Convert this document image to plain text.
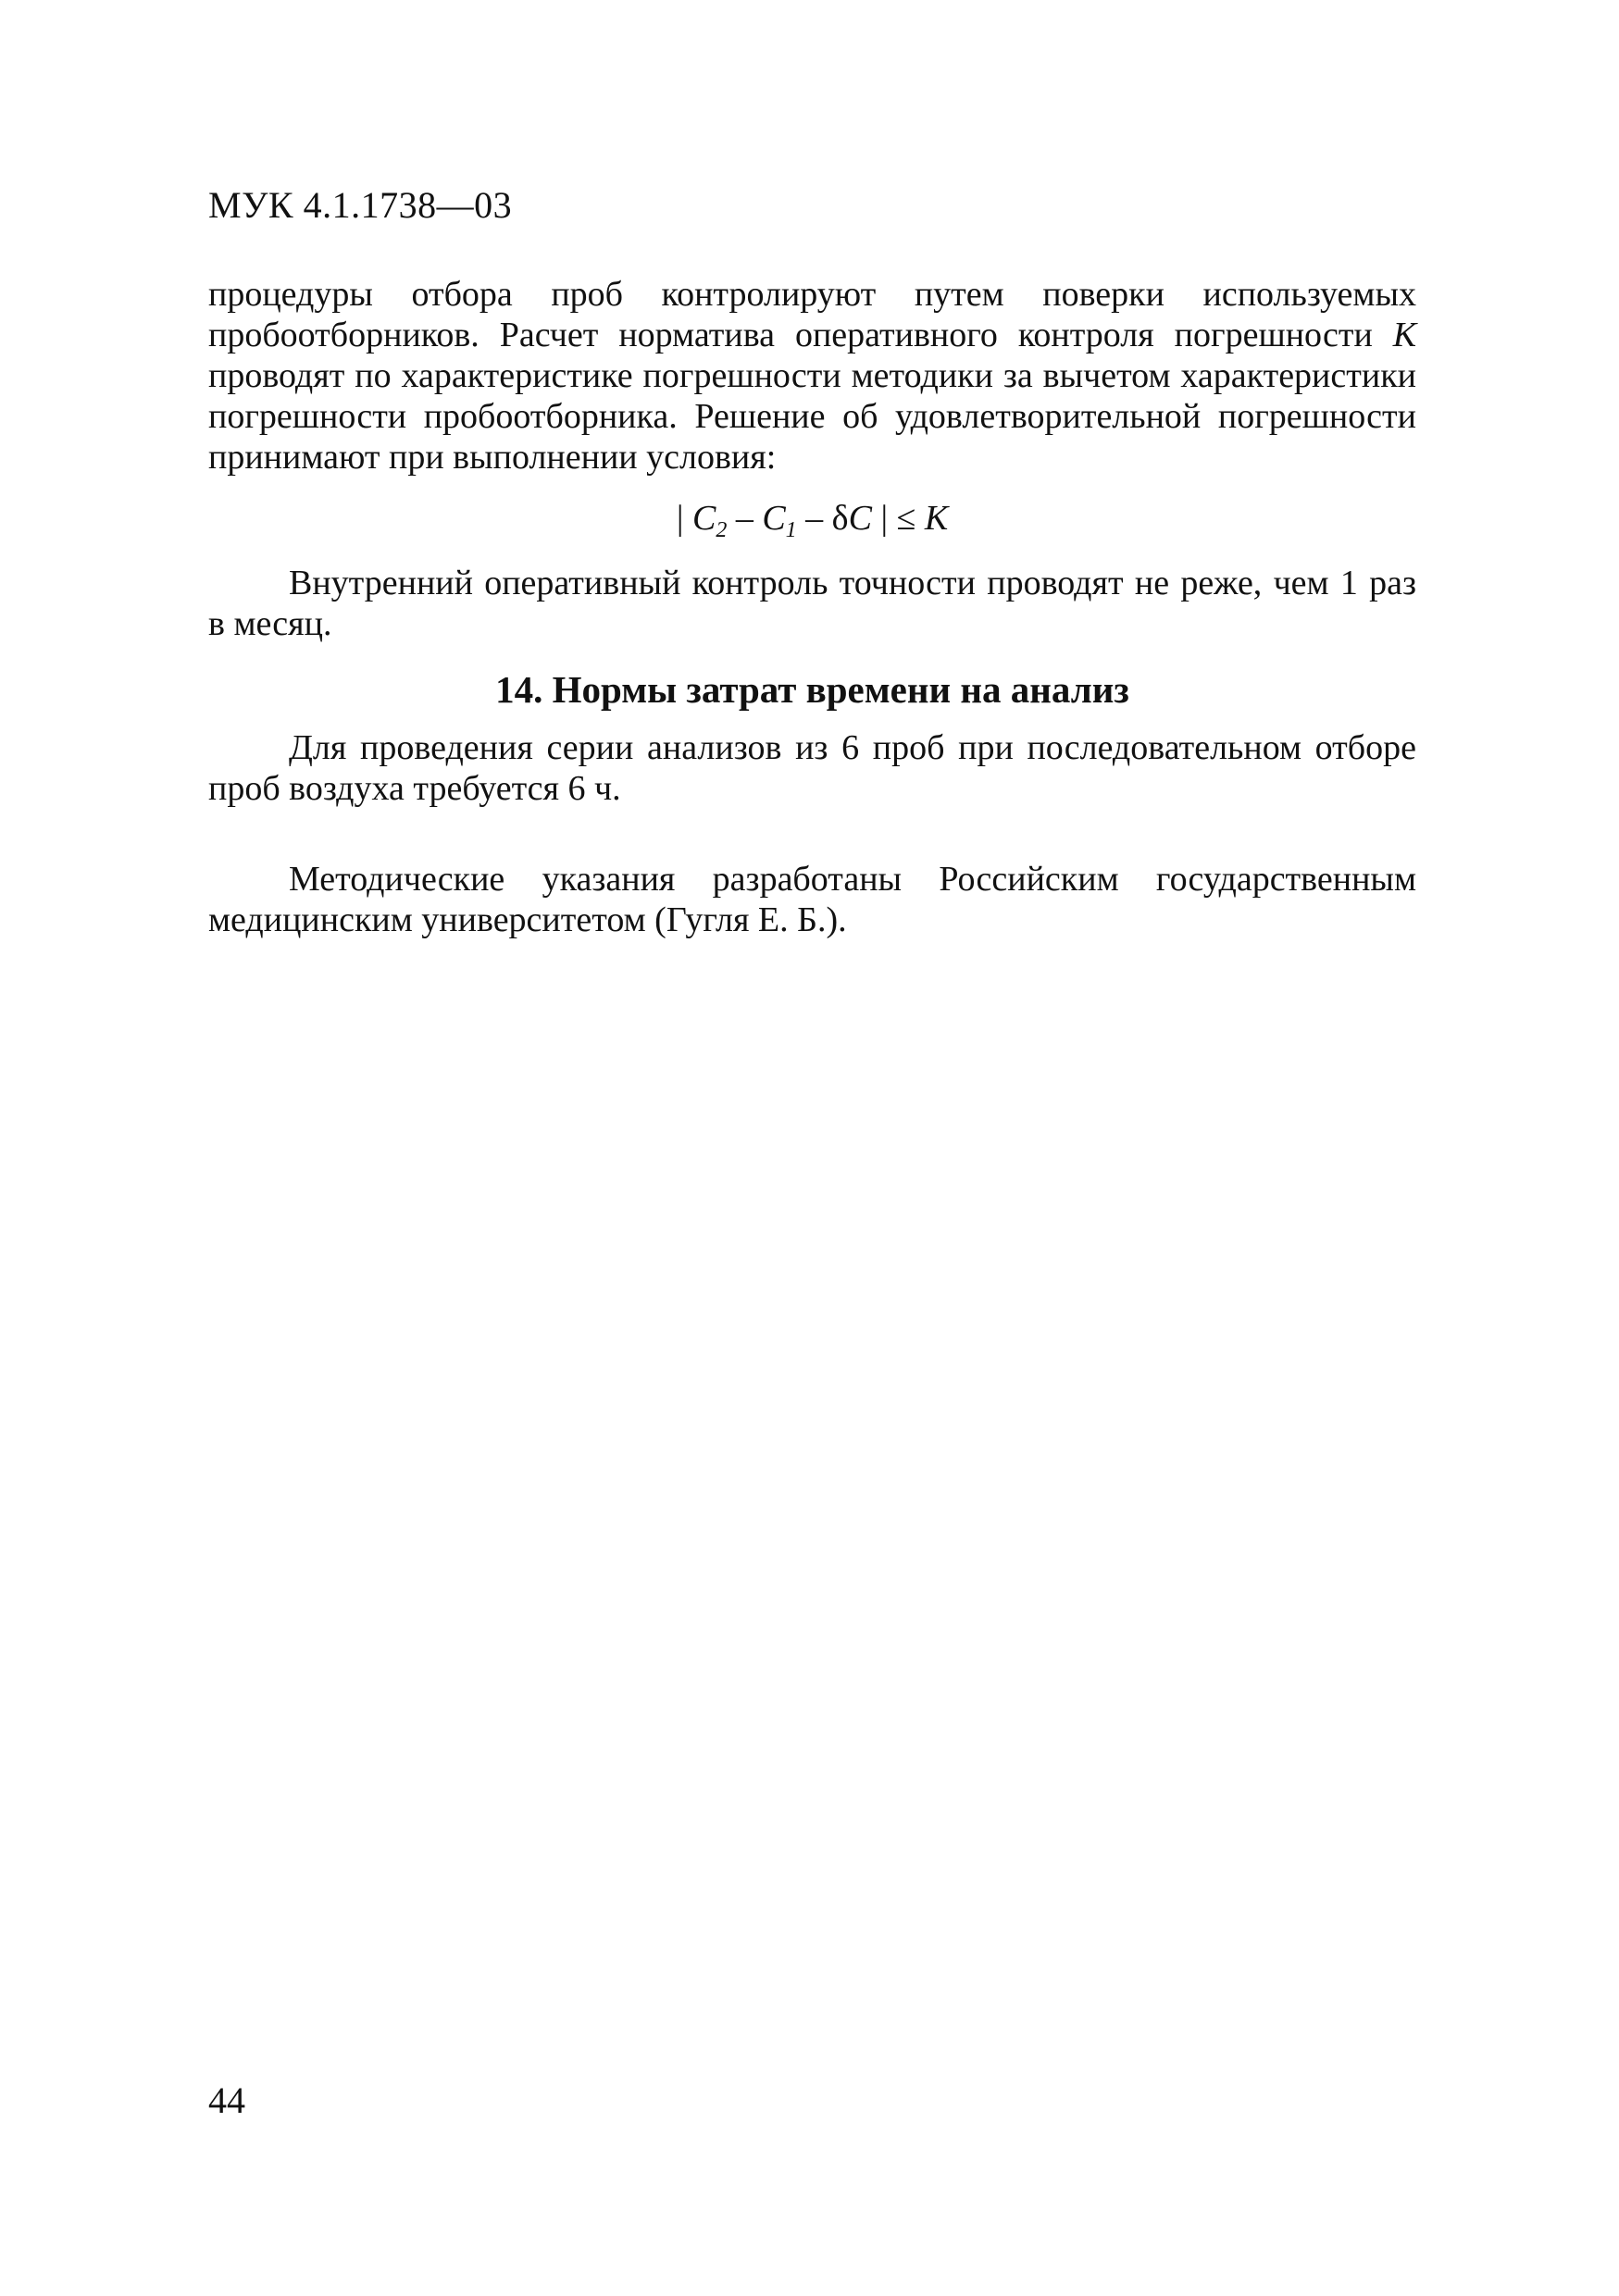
МУК 4.1.1738—03

процедуры отбора проб контролируют путем поверки используемых пробоотборников. Расчет норматива оперативного контроля погрешности К проводят по характеристике погрешности методики за вычетом характеристики погрешности пробоотборника. Решение об удовлетворительной погрешности принимают при выполнении условия:

| $C_2 - C_1$ – δC | ≤ К

Внутренний оперативный контроль точности проводят не реже, чем 1 раз в месяц.

14. Нормы затрат времени на анализ

Для проведения серии анализов из 6 проб при последовательном отборе проб воздуха требуется 6 ч.

Методические указания разработаны Российским государственным медицинским университетом (Гугля Е. Б.).

44
